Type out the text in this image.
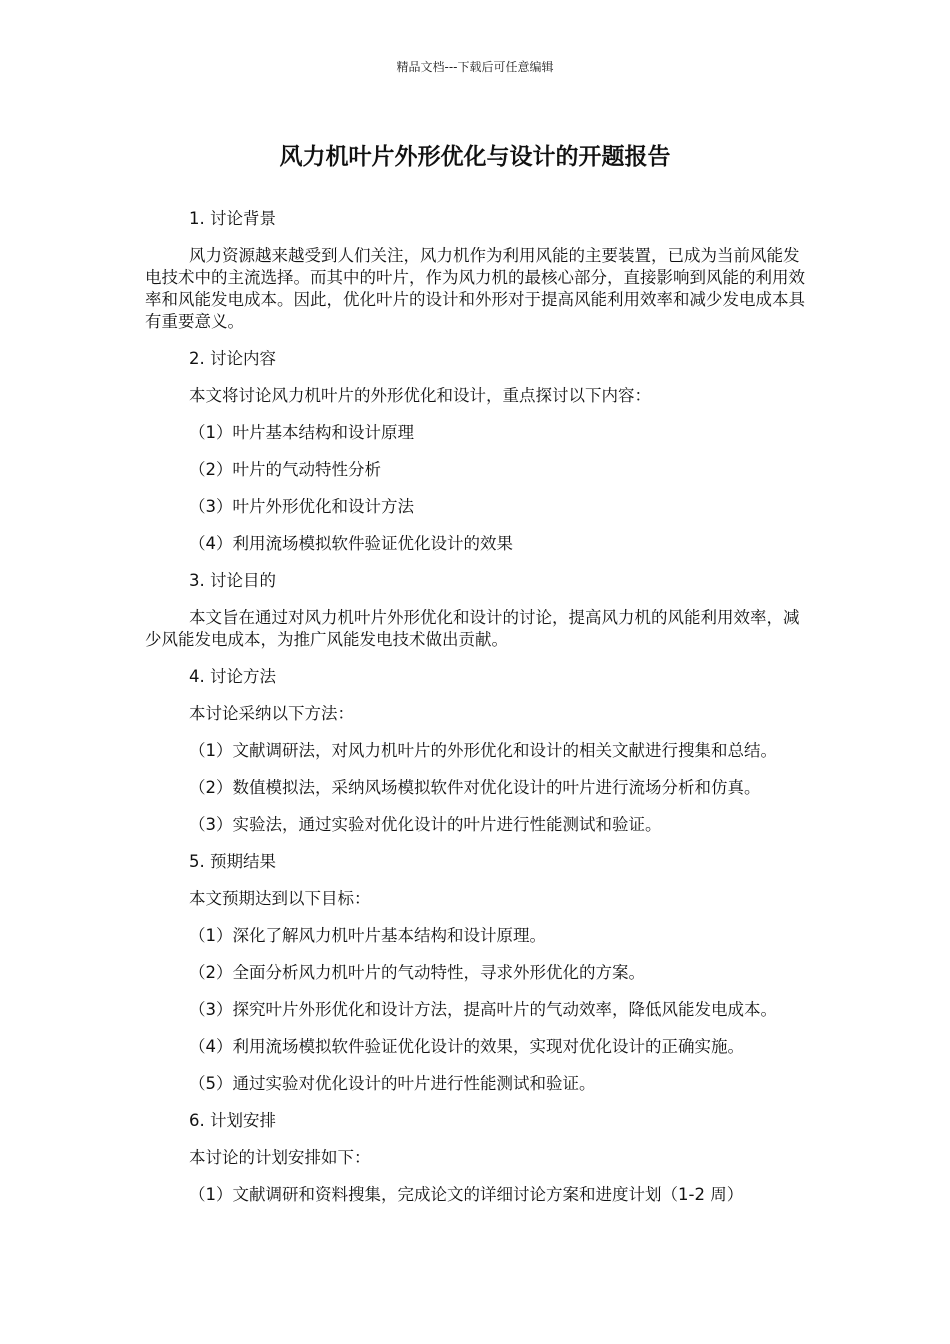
精品文档---下载后可任意编辑
风力机叶片外形优化与设计的开题报告

1. 讨论背景

风力资源越来越受到人们关注，风力机作为利用风能的主要装置，已成为当前风能发电技术中的主流选择。而其中的叶片，作为风力机的最核心部分，直接影响到风能的利用效率和风能发电成本。因此，优化叶片的设计和外形对于提高风能利用效率和减少发电成本具有重要意义。

2. 讨论内容

本文将讨论风力机叶片的外形优化和设计，重点探讨以下内容：

（1）叶片基本结构和设计原理

（2）叶片的气动特性分析

（3）叶片外形优化和设计方法

（4）利用流场模拟软件验证优化设计的效果

3. 讨论目的

本文旨在通过对风力机叶片外形优化和设计的讨论，提高风力机的风能利用效率，减少风能发电成本，为推广风能发电技术做出贡献。

4. 讨论方法

本讨论采纳以下方法：

（1）文献调研法，对风力机叶片的外形优化和设计的相关文献进行搜集和总结。

（2）数值模拟法，采纳风场模拟软件对优化设计的叶片进行流场分析和仿真。

（3）实验法，通过实验对优化设计的叶片进行性能测试和验证。

5. 预期结果

本文预期达到以下目标：

（1）深化了解风力机叶片基本结构和设计原理。

（2）全面分析风力机叶片的气动特性，寻求外形优化的方案。

（3）探究叶片外形优化和设计方法，提高叶片的气动效率，降低风能发电成本。

（4）利用流场模拟软件验证优化设计的效果，实现对优化设计的正确实施。

（5）通过实验对优化设计的叶片进行性能测试和验证。

6. 计划安排

本讨论的计划安排如下：

（1）文献调研和资料搜集，完成论文的详细讨论方案和进度计划（1-2 周）
